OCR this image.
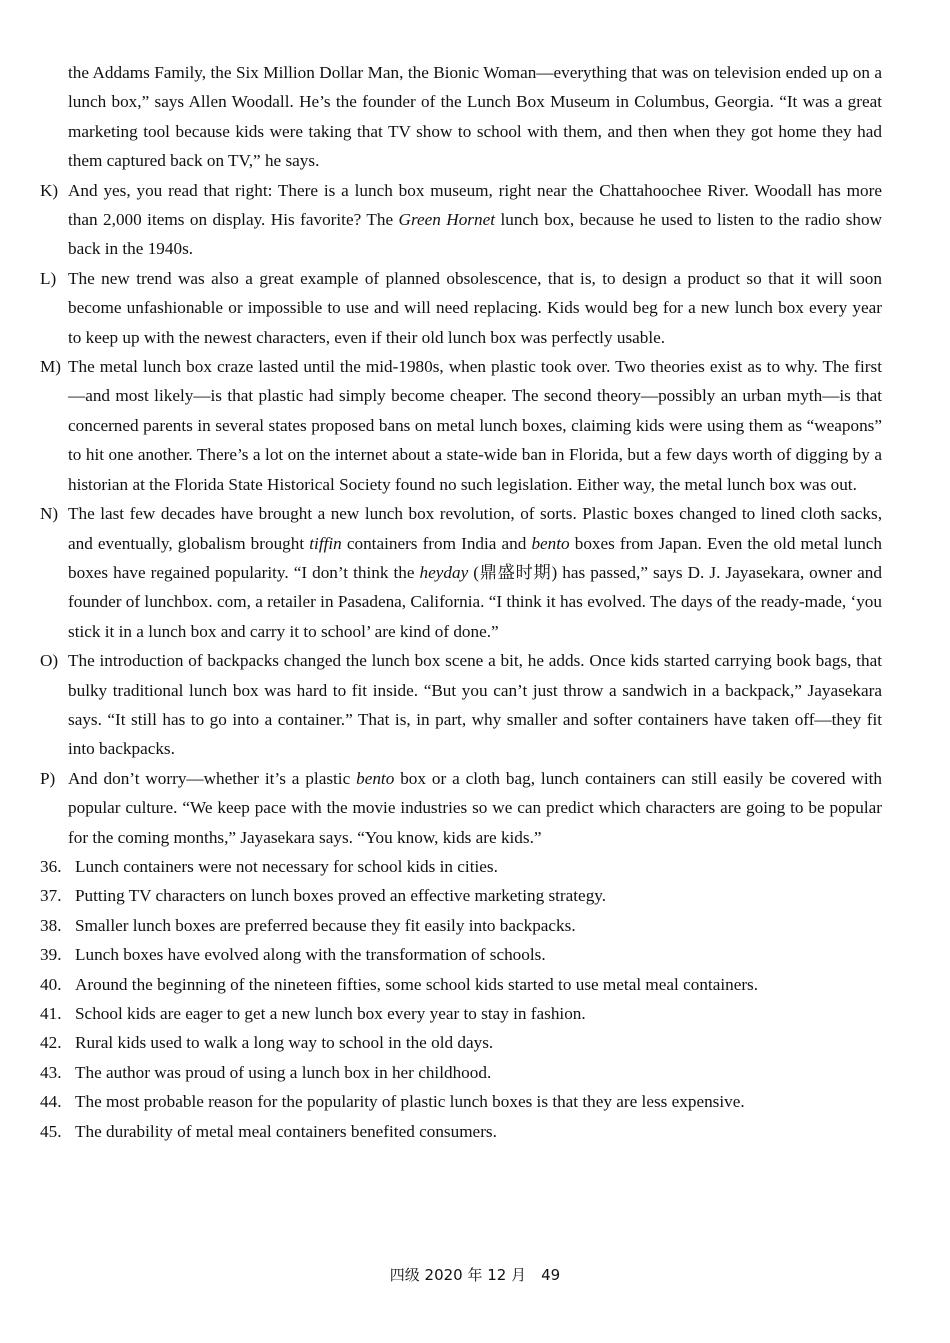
the Addams Family, the Six Million Dollar Man, the Bionic Woman—everything that was on television ended up on a lunch box,” says Allen Woodall. He’s the founder of the Lunch Box Museum in Columbus, Georgia. “It was a great marketing tool because kids were taking that TV show to school with them, and then when they got home they had them captured back on TV,” he says.

K) And yes, you read that right: There is a lunch box museum, right near the Chattahoochee River. Woodall has more than 2,000 items on display. His favorite? The Green Hornet lunch box, because he used to listen to the radio show back in the 1940s.

L) The new trend was also a great example of planned obsolescence, that is, to design a product so that it will soon become unfashionable or impossible to use and will need replacing. Kids would beg for a new lunch box every year to keep up with the newest characters, even if their old lunch box was perfectly usable.

M) The metal lunch box craze lasted until the mid-1980s, when plastic took over. Two theories exist as to why. The first—and most likely—is that plastic had simply become cheaper. The second theory—possibly an urban myth—is that concerned parents in several states proposed bans on metal lunch boxes, claiming kids were using them as “weapons” to hit one another. There’s a lot on the internet about a state-wide ban in Florida, but a few days worth of digging by a historian at the Florida State Historical Society found no such legislation. Either way, the metal lunch box was out.

N) The last few decades have brought a new lunch box revolution, of sorts. Plastic boxes changed to lined cloth sacks, and eventually, globalism brought tiffin containers from India and bento boxes from Japan. Even the old metal lunch boxes have regained popularity. “I don’t think the heyday (鼎盛时期) has passed,” says D. J. Jayasekara, owner and founder of lunchbox. com, a retailer in Pasadena, California. “I think it has evolved. The days of the ready-made, ‘you stick it in a lunch box and carry it to school’ are kind of done.”

O) The introduction of backpacks changed the lunch box scene a bit, he adds. Once kids started carrying book bags, that bulky traditional lunch box was hard to fit inside. “But you can’t just throw a sandwich in a backpack,” Jayasekara says. “It still has to go into a container.” That is, in part, why smaller and softer containers have taken off—they fit into backpacks.

P) And don’t worry—whether it’s a plastic bento box or a cloth bag, lunch containers can still easily be covered with popular culture. “We keep pace with the movie industries so we can predict which characters are going to be popular for the coming months,” Jayasekara says. “You know, kids are kids.”

36. Lunch containers were not necessary for school kids in cities.
37. Putting TV characters on lunch boxes proved an effective marketing strategy.
38. Smaller lunch boxes are preferred because they fit easily into backpacks.
39. Lunch boxes have evolved along with the transformation of schools.
40. Around the beginning of the nineteen fifties, some school kids started to use metal meal containers.
41. School kids are eager to get a new lunch box every year to stay in fashion.
42. Rural kids used to walk a long way to school in the old days.
43. The author was proud of using a lunch box in her childhood.
44. The most probable reason for the popularity of plastic lunch boxes is that they are less expensive.
45. The durability of metal meal containers benefited consumers.
四级 2020 年 12 月　49
